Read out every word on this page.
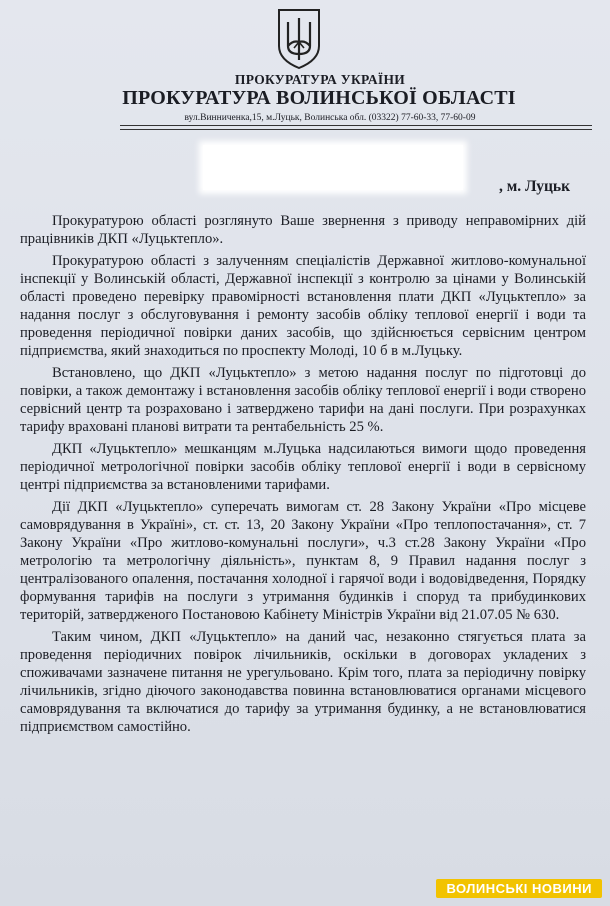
ПРОКУРАТУРА УКРАЇНИ
ПРОКУРАТУРА ВОЛИНСЬКОЇ ОБЛАСТІ
вул.Винниченка,15, м.Луцьк, Волинська обл. (03322) 77-60-33, 77-60-09
, м. Луцьк

Прокуратурою області розглянуто Ваше звернення з приводу неправомірних дій працівників ДКП «Луцьктепло».

Прокуратурою області з залученням спеціалістів Державної житлово-комунальної інспекції у Волинській області, Державної інспекції з контролю за цінами у Волинській області проведено перевірку правомірності встановлення плати ДКП «Луцьктепло» за надання послуг з обслуговування і ремонту засобів обліку теплової енергії і води та проведення періодичної повірки даних засобів, що здійснюється сервісним центром підприємства, який знаходиться по проспекту Молоді, 10 б в м.Луцьку.

Встановлено, що ДКП «Луцьктепло» з метою надання послуг по підготовці до повірки, а також демонтажу і встановлення засобів обліку теплової енергії і води створено сервісний центр та розраховано і затверджено тарифи на дані послуги. При розрахунках тарифу враховані планові витрати та рентабельність 25 %.

ДКП «Луцьктепло» мешканцям м.Луцька надсилаються вимоги щодо проведення періодичної метрологічної повірки засобів обліку теплової енергії і води в сервісному центрі підприємства за встановленими тарифами.

Дії ДКП «Луцьктепло» суперечать вимогам ст. 28 Закону України «Про місцеве самоврядування в Україні», ст. ст. 13, 20 Закону України «Про теплопостачання», ст. 7 Закону України «Про житлово-комунальні послуги», ч.3 ст.28 Закону України «Про метрологію та метрологічну діяльність», пунктам 8, 9 Правил надання послуг з централізованого опалення, постачання холодної і гарячої води і водовідведення, Порядку формування тарифів на послуги з утримання будинків і споруд та прибудинкових територій, затвердженого Постановою Кабінету Міністрів України від 21.07.05 № 630.

Таким чином, ДКП «Луцьктепло» на даний час, незаконно стягується плата за проведення періодичних повірок лічильників, оскільки в договорах укладених з споживачами зазначене питання не урегульовано. Крім того, плата за періодичну повірку лічильників, згідно діючого законодавства повинна встановлюватися органами місцевого самоврядування та включатися до тарифу за утримання будинку, а не встановлюватися підприємством самостійно.

ВОЛИНСЬКІ НОВИНИ
